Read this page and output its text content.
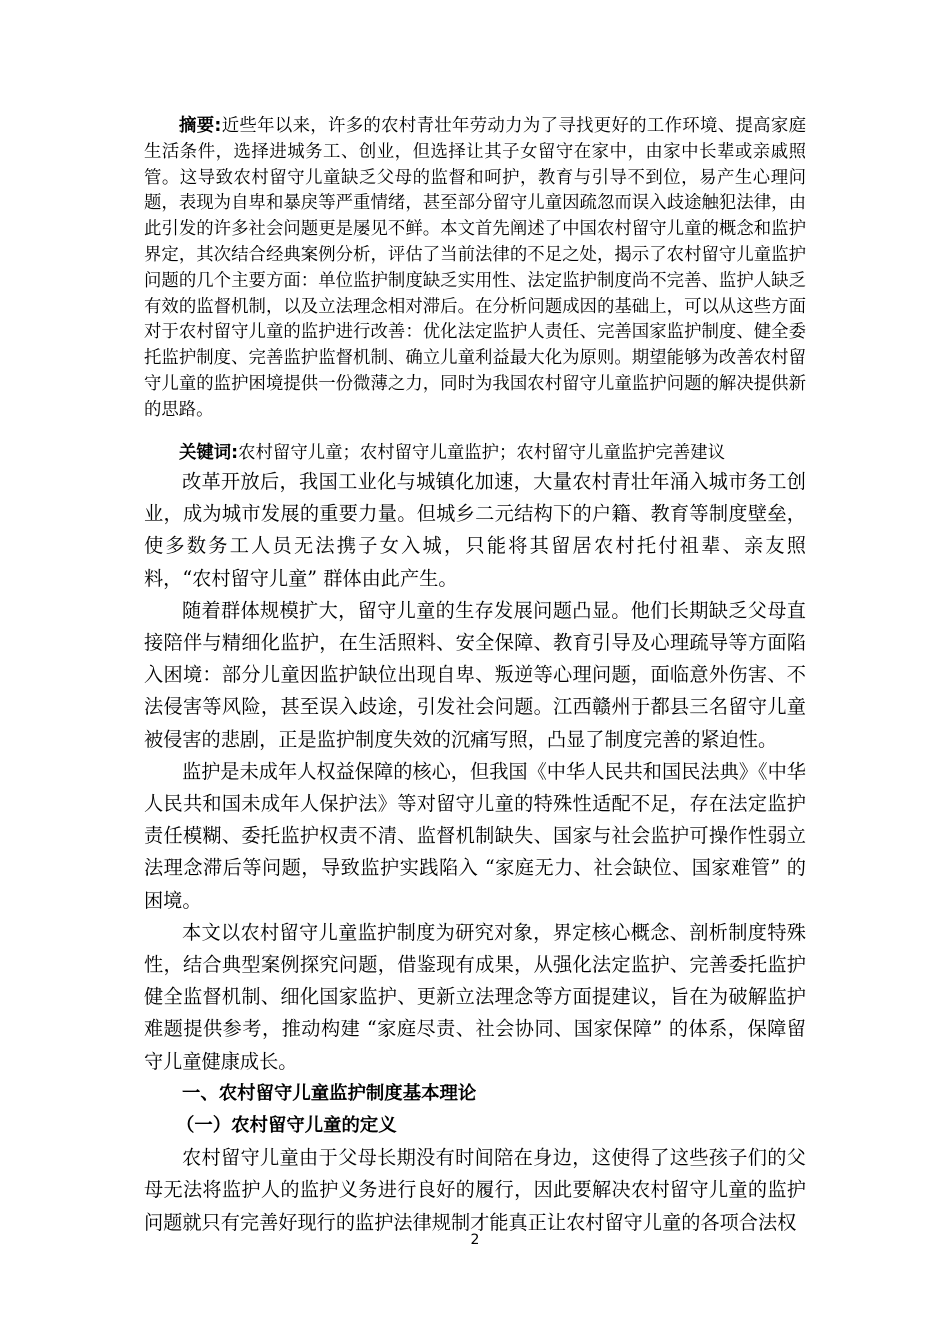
摘要:近些年以来，许多的农村青壮年劳动力为了寻找更好的工作环境、提高家庭生活条件，选择进城务工、创业，但选择让其子女留守在家中，由家中长辈或亲戚照管。这导致农村留守儿童缺乏父母的监督和呵护，教育与引导不到位，易产生心理问题，表现为自卑和暴戾等严重情绪，甚至部分留守儿童因疏忽而误入歧途触犯法律，由此引发的许多社会问题更是屡见不鲜。本文首先阐述了中国农村留守儿童的概念和监护界定，其次结合经典案例分析，评估了当前法律的不足之处，揭示了农村留守儿童监护问题的几个主要方面：单位监护制度缺乏实用性、法定监护制度尚不完善、监护人缺乏有效的监督机制，以及立法理念相对滞后。在分析问题成因的基础上，可以从这些方面对于农村留守儿童的监护进行改善：优化法定监护人责任、完善国家监护制度、健全委托监护制度、完善监护监督机制、确立儿童利益最大化为原则。期望能够为改善农村留守儿童的监护困境提供一份微薄之力，同时为我国农村留守儿童监护问题的解决提供新的思路。

关键词:农村留守儿童；农村留守儿童监护；农村留守儿童监护完善建议

改革开放后，我国工业化与城镇化加速，大量农村青壮年涌入城市务工创业，成为城市发展的重要力量。但城乡二元结构下的户籍、教育等制度壁垒，使多数务工人员无法携子女入城，只能将其留居农村托付祖辈、亲友照料，“农村留守儿童” 群体由此产生。

随着群体规模扩大，留守儿童的生存发展问题凸显。他们长期缺乏父母直接陪伴与精细化监护，在生活照料、安全保障、教育引导及心理疏导等方面陷入困境：部分儿童因监护缺位出现自卑、叛逆等心理问题，面临意外伤害、不法侵害等风险，甚至误入歧途，引发社会问题。江西赣州于都县三名留守儿童被侵害的悲剧，正是监护制度失效的沉痛写照，凸显了制度完善的紧迫性。

监护是未成年人权益保障的核心，但我国《中华人民共和国民法典》《中华人民共和国未成年人保护法》等对留守儿童的特殊性适配不足，存在法定监护责任模糊、委托监护权责不清、监督机制缺失、国家与社会监护可操作性弱立法理念滞后等问题，导致监护实践陷入 “家庭无力、社会缺位、国家难管” 的困境。

本文以农村留守儿童监护制度为研究对象，界定核心概念、剖析制度特殊性，结合典型案例探究问题，借鉴现有成果，从强化法定监护、完善委托监护健全监督机制、细化国家监护、更新立法理念等方面提建议，旨在为破解监护难题提供参考，推动构建 “家庭尽责、社会协同、国家保障” 的体系，保障留守儿童健康成长。

一、农村留守儿童监护制度基本理论

（一）农村留守儿童的定义

农村留守儿童由于父母长期没有时间陪在身边，这使得了这些孩子们的父母无法将监护人的监护义务进行良好的履行，因此要解决农村留守儿童的监护问题就只有完善好现行的监护法律规制才能真正让农村留守儿童的各项合法权

2
